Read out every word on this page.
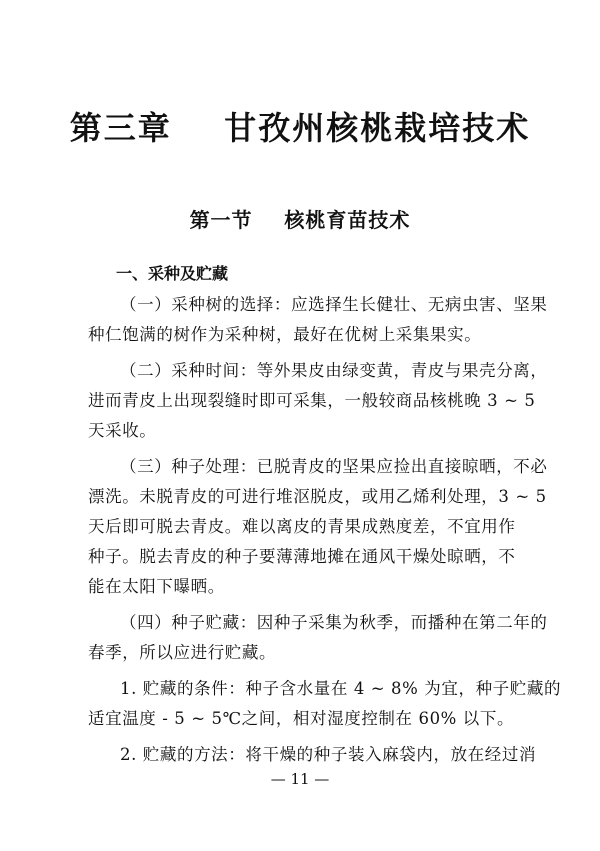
第三章    甘孜州核桃栽培技术
第一节    核桃育苗技术
一、采种及贮藏
（一）采种树的选择：应选择生长健壮、无病虫害、坚果
种仁饱满的树作为采种树，最好在优树上采集果实。
（二）采种时间：等外果皮由绿变黄，青皮与果壳分离，
进而青皮上出现裂缝时即可采集，一般较商品核桃晚 3 ~ 5
天采收。
（三）种子处理：已脱青皮的坚果应捡出直接晾晒，不必
漂洗。未脱青皮的可进行堆沤脱皮，或用乙烯利处理，3 ~ 5
天后即可脱去青皮。难以离皮的青果成熟度差，不宜用作
种子。脱去青皮的种子要薄薄地摊在通风干燥处晾晒，不
能在太阳下曝晒。
（四）种子贮藏：因种子采集为秋季，而播种在第二年的
春季，所以应进行贮藏。
1. 贮藏的条件：种子含水量在 4 ~ 8% 为宜，种子贮藏的
适宜温度 - 5 ~ 5℃之间，相对湿度控制在 60% 以下。
2. 贮藏的方法：将干燥的种子装入麻袋内，放在经过消
— 11 —
